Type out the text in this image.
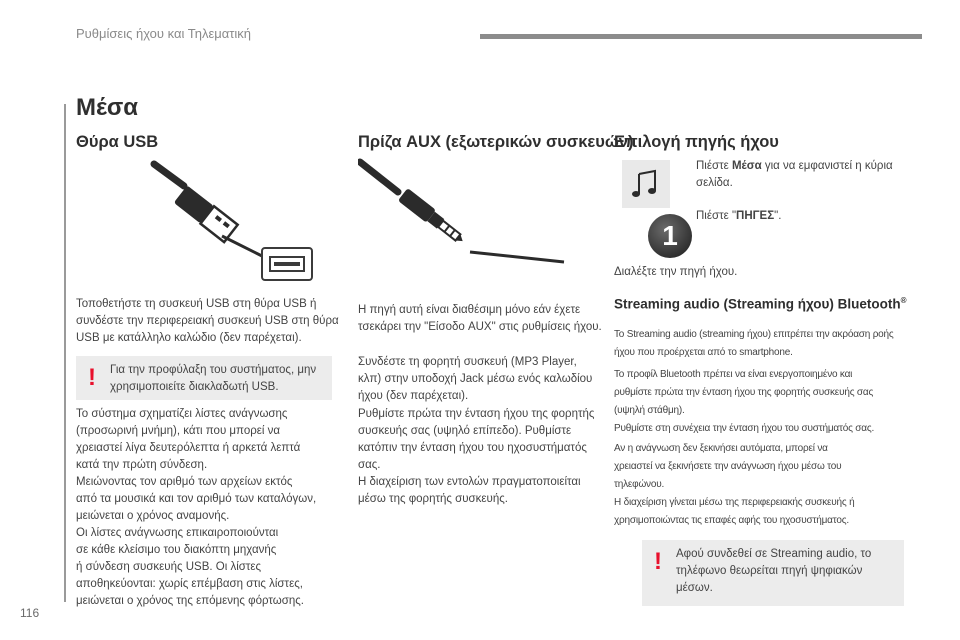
Ρυθμίσεις ήχου και Τηλεματική
116
Μέσα
Θύρα USB
Τοποθετήστε τη συσκευή USB στη θύρα USB ή συνδέστε την περιφερειακή συσκευή USB στη θύρα USB με κατάλληλο καλώδιο (δεν παρέχεται).
! Για την προφύλαξη του συστήματος, μην χρησιμοποιείτε διακλαδωτή USB.

Το σύστημα σχηματίζει λίστες ανάγνωσης

(προσωρινή μνήμη), κάτι που μπορεί να

χρειαστεί λίγα δευτερόλεπτα ή αρκετά λεπτά

κατά την πρώτη σύνδεση.

Μειώνοντας τον αριθμό των αρχείων εκτός

από τα μουσικά και τον αριθμό των καταλόγων,

μειώνεται ο χρόνος αναμονής.

Οι λίστες ανάγνωσης επικαιροποιούνται

σε κάθε κλείσιμο του διακόπτη μηχανής

ή σύνδεση συσκευής USB. Οι λίστες

αποθηκεύονται: χωρίς επέμβαση στις λίστες,

μειώνεται ο χρόνος της επόμενης φόρτωσης.

Πρίζα AUX (εξωτερικών συσκευών)
Η πηγή αυτή είναι διαθέσιμη μόνο εάν έχετε τσεκάρει την "Είσοδο AUX" στις ρυθμίσεις ήχου.
Συνδέστε τη φορητή συσκευή (MP3 Player, κλπ) στην υποδοχή Jack μέσω ενός καλωδίου ήχου (δεν παρέχεται).

Ρυθμίστε πρώτα την ένταση ήχου της φορητής

συσκευής σας (υψηλό επίπεδο). Ρυθμίστε

κατόπιν την ένταση ήχου του ηχοσυστήματός

σας.

Η διαχείριση των εντολών πραγματοποιείται

μέσω της φορητής συσκευής.

Επιλογή πηγής ήχου
Πιέστε Μέσα για να εμφανιστεί η κύρια σελίδα.
1
Πιέστε "ΠΗΓΕΣ".
Διαλέξτε την πηγή ήχου.
Streaming audio (Streaming ήχου) Bluetooth®
Το Streaming audio (streaming ήχου) επιτρέπει την ακρόαση ροής ήχου που προέρχεται από το smartphone.

Το προφίλ Bluetooth πρέπει να είναι ενεργοποιημένο και

ρυθμίστε πρώτα την ένταση ήχου της φορητής συσκευής σας

(υψηλή στάθμη).

Ρυθμίστε στη συνέχεια την ένταση ήχου του συστήματός σας.

Αν η ανάγνωση δεν ξεκινήσει αυτόματα, μπορεί να

χρειαστεί να ξεκινήσετε την ανάγνωση ήχου μέσω του

τηλεφώνου.

Η διαχείριση γίνεται μέσω της περιφερειακής συσκευής ή

χρησιμοποιώντας τις επαφές αφής του ηχοσυστήματος.

! Αφού συνδεθεί σε Streaming audio, το τηλέφωνο θεωρείται πηγή ψηφιακών μέσων.
